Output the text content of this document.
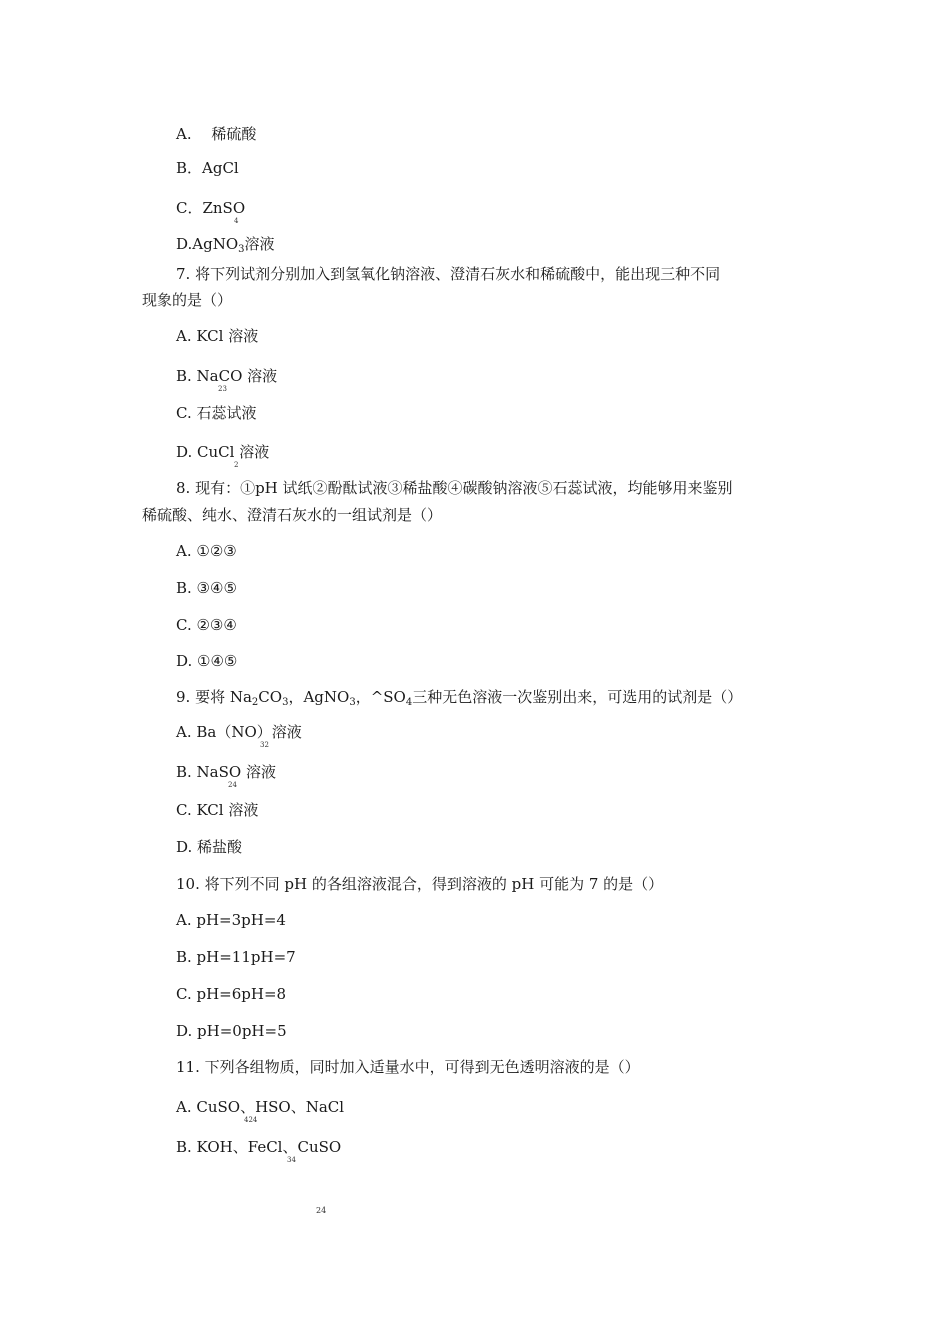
A. 　稀硫酸
B．AgCl
C．ZnSO
4
D.AgNO$_3$溶液
7. 将下列试剂分别加入到氢氧化钠溶液、澄清石灰水和稀硫酸中，能出现三种不同
现象的是（）
A. KCl 溶液
B. NaCO 溶液
23
C. 石蕊试液
D. CuCl 溶液
2
8. 现有：①pH 试纸②酚酞试液③稀盐酸④碳酸钠溶液⑤石蕊试液，均能够用来鉴别
稀硫酸、纯水、澄清石灰水的一组试剂是（）
A. ①②③
B. ③④⑤
C. ②③④
D. ①④⑤
9. 要将 $Na_2CO_3$，AgNO$_3$，$\^{}SO_4$三种无色溶液一次鉴别出来，可选用的试剂是（）
A. Ba（NO）溶液
32
B. NaSO 溶液
24
C. KCl 溶液
D. 稀盐酸
10. 将下列不同 pH 的各组溶液混合，得到溶液的 pH 可能为 7 的是（）
A. pH=3pH=4
B. pH=11pH=7
C. pH=6pH=8
D. pH=0pH=5
11. 下列各组物质，同时加入适量水中，可得到无色透明溶液的是（）
A. CuSO、HSO、NaCl
424
B. KOH、FeCl、CuSO
34
24
